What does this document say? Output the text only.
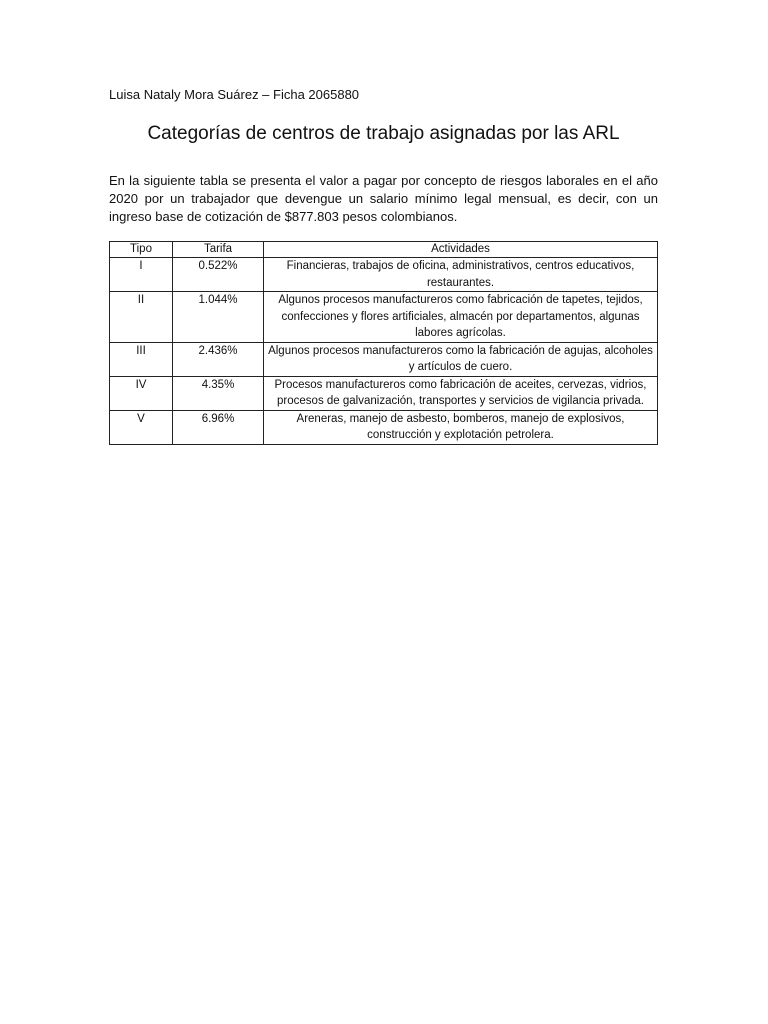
Luisa Nataly Mora Suárez – Ficha 2065880
Categorías de centros de trabajo asignadas por las ARL

En la siguiente tabla se presenta el valor a pagar por concepto de riesgos laborales en el año 2020 por un trabajador que devengue un salario mínimo legal mensual, es decir, con un ingreso base de cotización de $877.803 pesos colombianos.

Tipo	Tarifa	Actividades
I	0.522%	Financieras, trabajos de oficina, administrativos, centros educativos, restaurantes.
II	1.044%	Algunos procesos manufactureros como fabricación de tapetes, tejidos, confecciones y flores artificiales, almacén por departamentos, algunas labores agrícolas.
III	2.436%	Algunos procesos manufactureros como la fabricación de agujas, alcoholes y artículos de cuero.
IV	4.35%	Procesos manufactureros como fabricación de aceites, cervezas, vidrios, procesos de galvanización, transportes y servicios de vigilancia privada.
V	6.96%	Areneras, manejo de asbesto, bomberos, manejo de explosivos, construcción y explotación petrolera.
